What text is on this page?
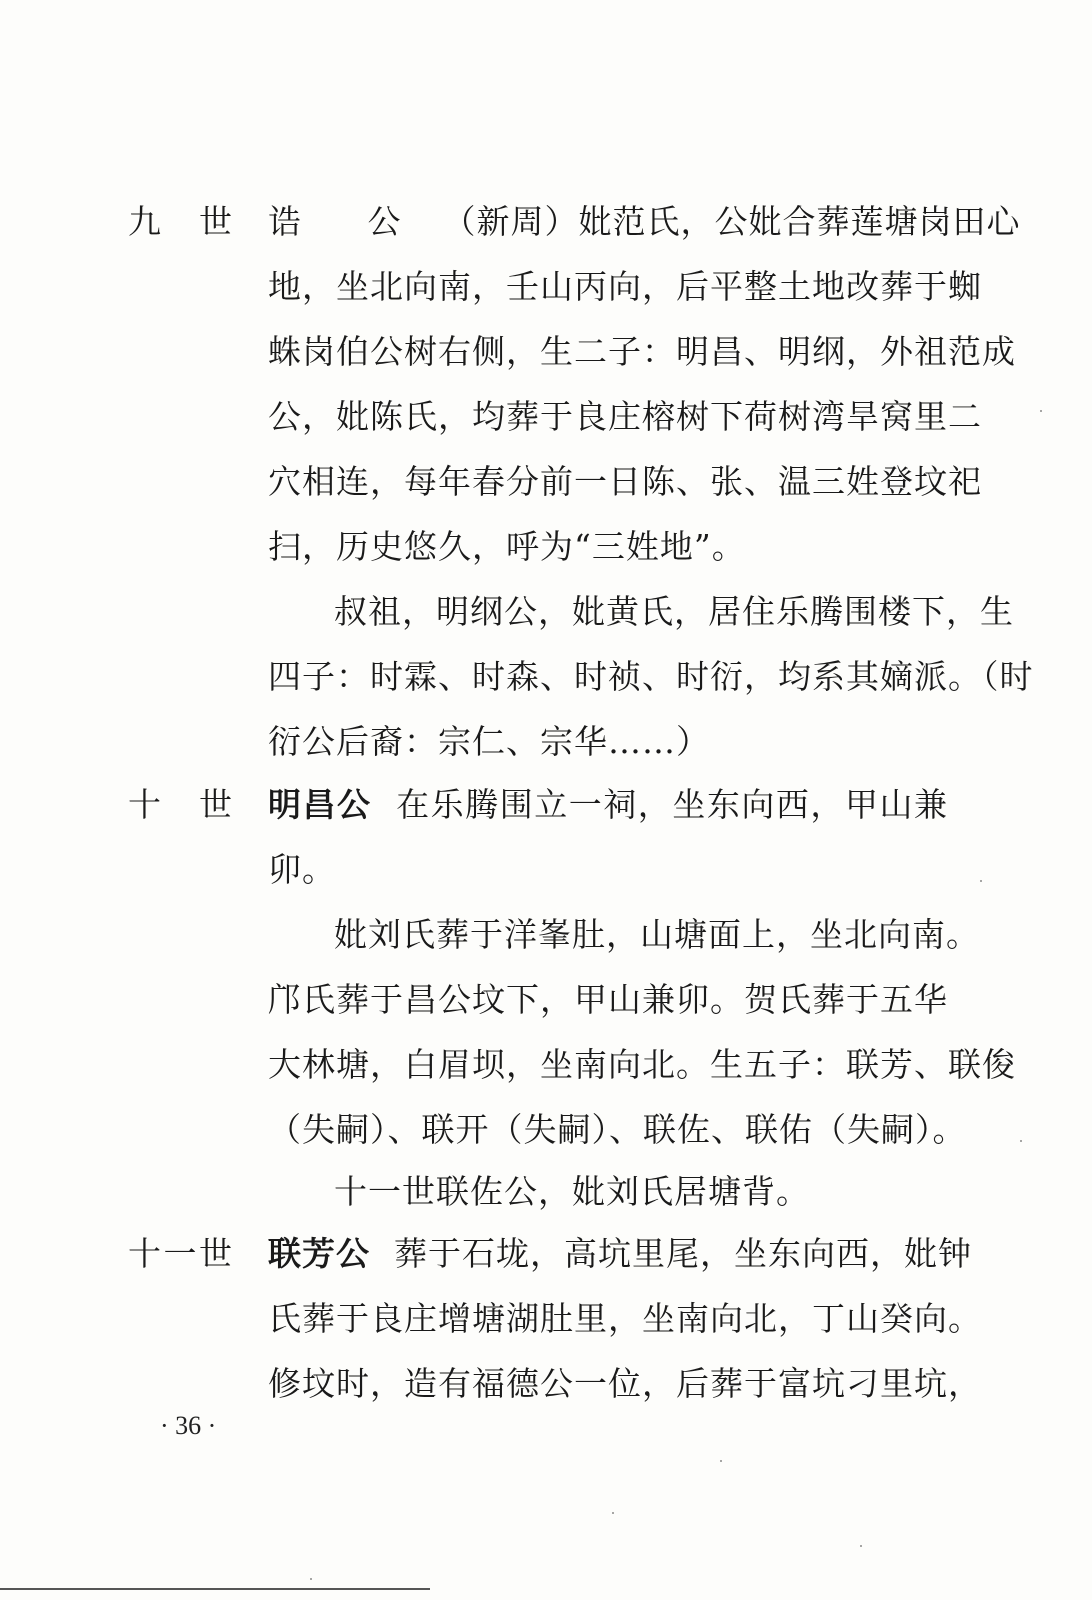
九 世 诰 公 （新周）妣范氏，公妣合葬莲塘岗田心
地，坐北向南，壬山丙向，后平整土地改葬于蜘
蛛岗伯公树右侧，生二子：明昌、明纲，外祖范成
公，妣陈氏，均葬于良庄榕树下荷树湾旱窝里二
穴相连，每年春分前一日陈、张、温三姓登坟祀
扫，历史悠久，呼为“三姓地”。
叔祖，明纲公，妣黄氏，居住乐腾围楼下，生
四子：时霖、时森、时祯、时衍，均系其嫡派。（时
衍公后裔：宗仁、宗华……）
十 世 明昌公 在乐腾围立一祠，坐东向西，甲山兼
卯。
妣刘氏葬于洋峯肚，山塘面上，坐北向南。
邝氏葬于昌公坟下，甲山兼卯。贺氏葬于五华
大林塘，白眉坝，坐南向北。生五子：联芳、联俊
（失嗣）、联开（失嗣）、联佐、联佑（失嗣）。
十一世联佐公，妣刘氏居塘背。
十一世 联芳公 葬于石垅，高坑里尾，坐东向西，妣钟
氏葬于良庄增塘湖肚里，坐南向北，丁山癸向。
修坟时，造有福德公一位，后葬于富坑刁里坑，
· 36 ·
